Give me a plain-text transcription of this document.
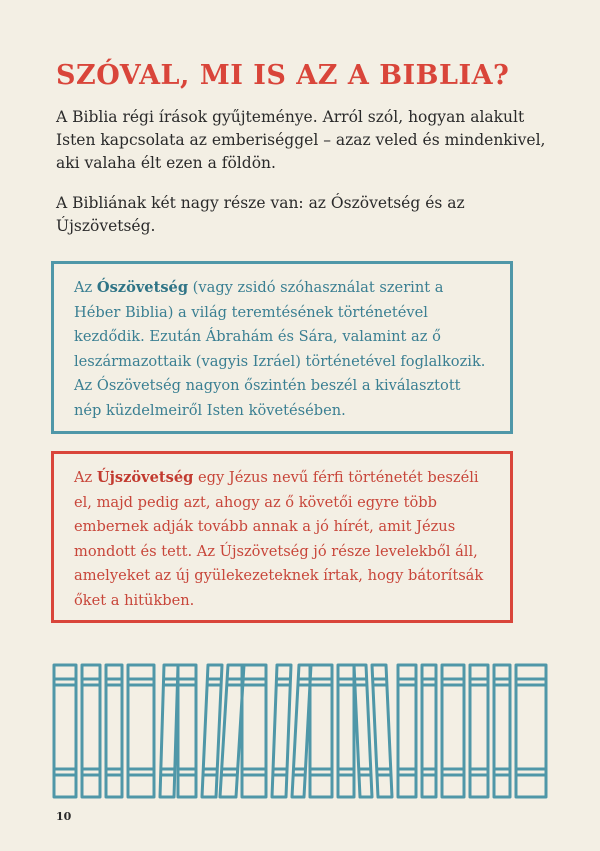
SZÓVAL, MI IS AZ A BIBLIA?

A Biblia régi írások gyűjteménye. Arról szól, hogyan alakult Isten kapcsolata az emberiséggel – azaz veled és mindenkivel, aki valaha élt ezen a földön.

A Bibliának két nagy része van: az Ószövetség és az Újszövetség.

Az Ószövetség (vagy zsidó szóhasználat szerint a Héber Biblia) a világ teremtésének történetével kezdődik. Ezután Ábrahám és Sára, valamint az ő leszármazottaik (vagyis Izráel) történetével foglalkozik. Az Ószövetség nagyon őszintén beszél a kiválasztott nép küzdelmeiről Isten követésében.
Az Újszövetség egy Jézus nevű férfi történetét beszéli el, majd pedig azt, ahogy az ő követői egyre több embernek adják tovább annak a jó hírét, amit Jézus mondott és tett. Az Újszövetség jó része levelekből áll, amelyeket az új gyülekezeteknek írtak, hogy bátorítsák őket a hitükben.
10
